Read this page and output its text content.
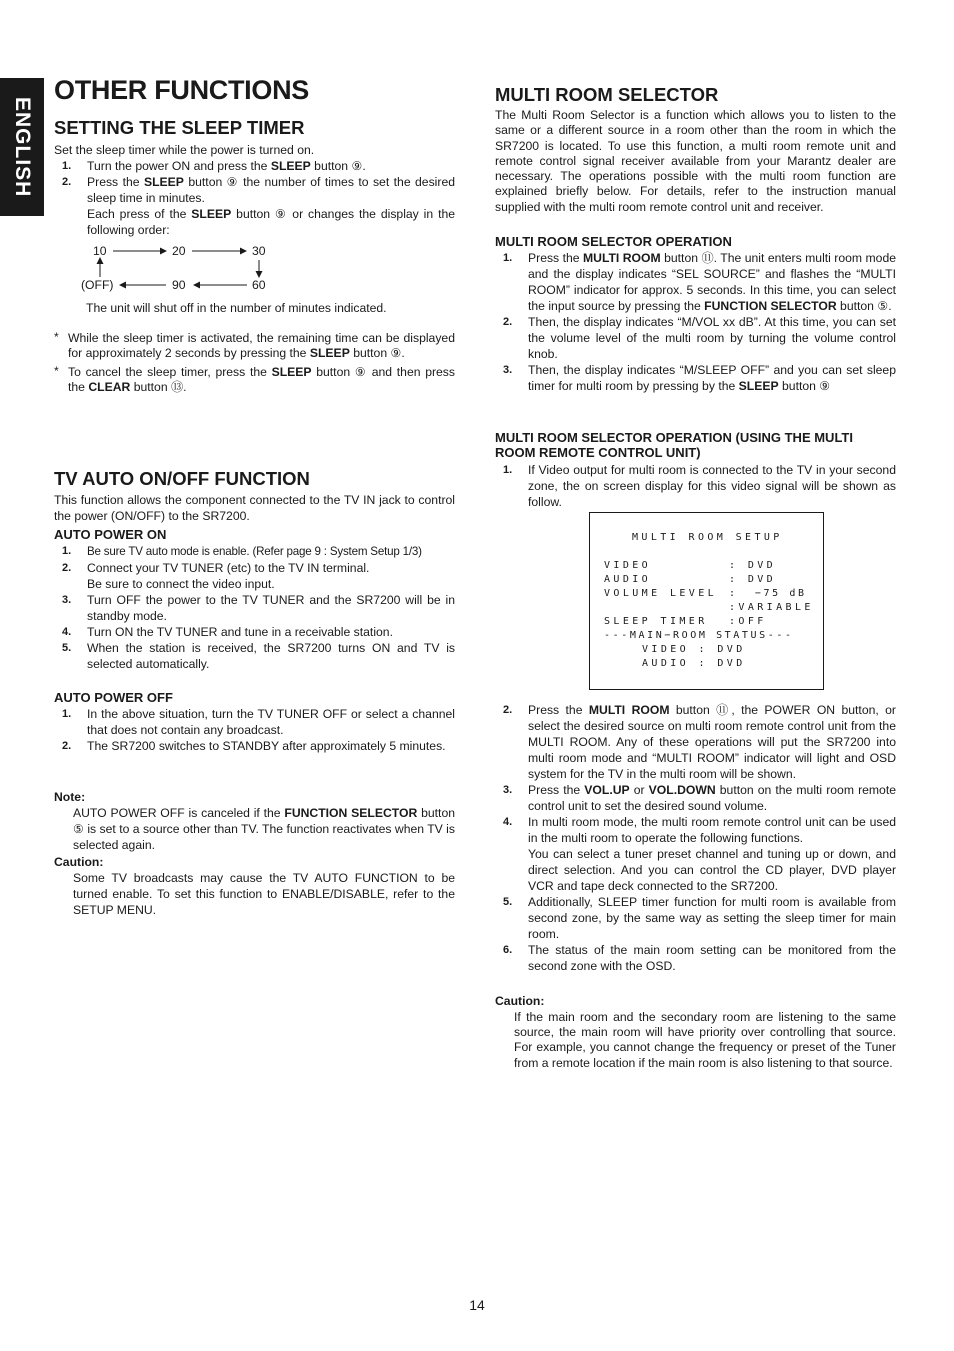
ENGLISH
OTHER FUNCTIONS
SETTING THE SLEEP TIMER

Set the sleep timer while the power is turned on.

1. Turn the power ON and press the SLEEP button ⑨.
2. Press the SLEEP button ⑨ the number of times to set the desired sleep time in minutes.
Each press of the SLEEP button ⑨ or changes the display in the following order:
10	20	30
(OFF)	90	60

The unit will shut off in the number of minutes indicated.

* While the sleep timer is activated, the remaining time can be displayed for approximately 2 seconds by pressing the SLEEP button ⑨.
* To cancel the sleep timer, press the SLEEP button ⑨ and then press the CLEAR button ⑬.
TV AUTO ON/OFF FUNCTION

This function allows the component connected to the TV IN jack to control the power (ON/OFF) to the SR7200.

AUTO POWER ON
1. Be sure TV auto mode is enable. (Refer page 9 : System Setup 1/3)
2. Connect your TV TUNER (etc) to the TV IN terminal.
Be sure to connect the video input.
3. Turn OFF the power to the TV TUNER and the SR7200 will be in standby mode.
4. Turn ON the TV TUNER and tune in a receivable station.
5. When the station is received, the SR7200 turns ON and TV is selected automatically.
AUTO POWER OFF
1. In the above situation, turn the TV TUNER OFF or select a channel that does not contain any broadcast.
2. The SR7200 switches to STANDBY after approximately 5 minutes.
Note:

AUTO POWER OFF is canceled if the FUNCTION SELECTOR button ⑤ is set to a source other than TV. The function reactivates when TV is selected again.

Caution:

Some TV broadcasts may cause the TV AUTO FUNCTION to be turned enable. To set this function to ENABLE/DISABLE, refer to the SETUP MENU.

MULTI ROOM SELECTOR

The Multi Room Selector is a function which allows you to listen to the same or a different source in a room other than the room in which the SR7200 is located. To use this function, a multi room remote unit and remote control signal receiver available from your Marantz dealer are necessary. The operations possible with the multi room function are explained briefly below. For details, refer to the instruction manual supplied with the multi room remote control unit and receiver.

MULTI ROOM SELECTOR OPERATION
1. Press the MULTI ROOM button ⑪. The unit enters multi room mode and the display indicates “SEL SOURCE” and flashes the “MULTI ROOM” indicator for approx. 5 seconds. In this time, you can select the input source by pressing the FUNCTION SELECTOR button ⑤.
2. Then, the display indicates “M/VOL xx dB”. At this time, you can set the volume level of the multi room by turning the volume control knob.
3. Then, the display indicates “M/SLEEP OFF” and you can set sleep timer for multi room by pressing by the SLEEP button ⑨
MULTI ROOM SELECTOR OPERATION (USING THE MULTI ROOM REMOTE CONTROL UNIT)
1. If Video output for multi room is connected to the TV in your second zone, the on screen display for this video signal will be shown as follow.
MULTI ROOM SETUP
VIDEO	: DVD
AUDIO	: DVD
VOLUME LEVEL :  −75 dB
:VARIABLE
SLEEP TIMER :OFF
---MAIN−ROOM STATUS---
VIDEO : DVD
AUDIO : DVD
2. Press the MULTI ROOM button ⑪, the POWER ON button, or select the desired source on multi room remote control unit from the MULTI ROOM. Any of these operations will put the SR7200 into multi room mode and “MULTI ROOM” indicator will light and OSD system for the TV in the multi room will be shown.
3. Press the VOL.UP or VOL.DOWN button on the multi room remote control unit to set the desired sound volume.
4. In multi room mode, the multi room remote control unit can be used in the multi room to operate the following functions.
You can select a tuner preset channel and tuning up or down, and direct selection. And you can control the CD player, DVD player VCR and tape deck connected to the SR7200.
5. Additionally, SLEEP timer function for multi room is available from second zone, by the same way as setting the sleep timer for main room.
6. The status of the main room setting can be monitored from the second zone with the OSD.
Caution:

If the main room and the secondary room are listening to the same source, the main room will have priority over controlling that source. For example, you cannot change the frequency or preset of the Tuner from a remote location if the main room is also listening to that source.

14
